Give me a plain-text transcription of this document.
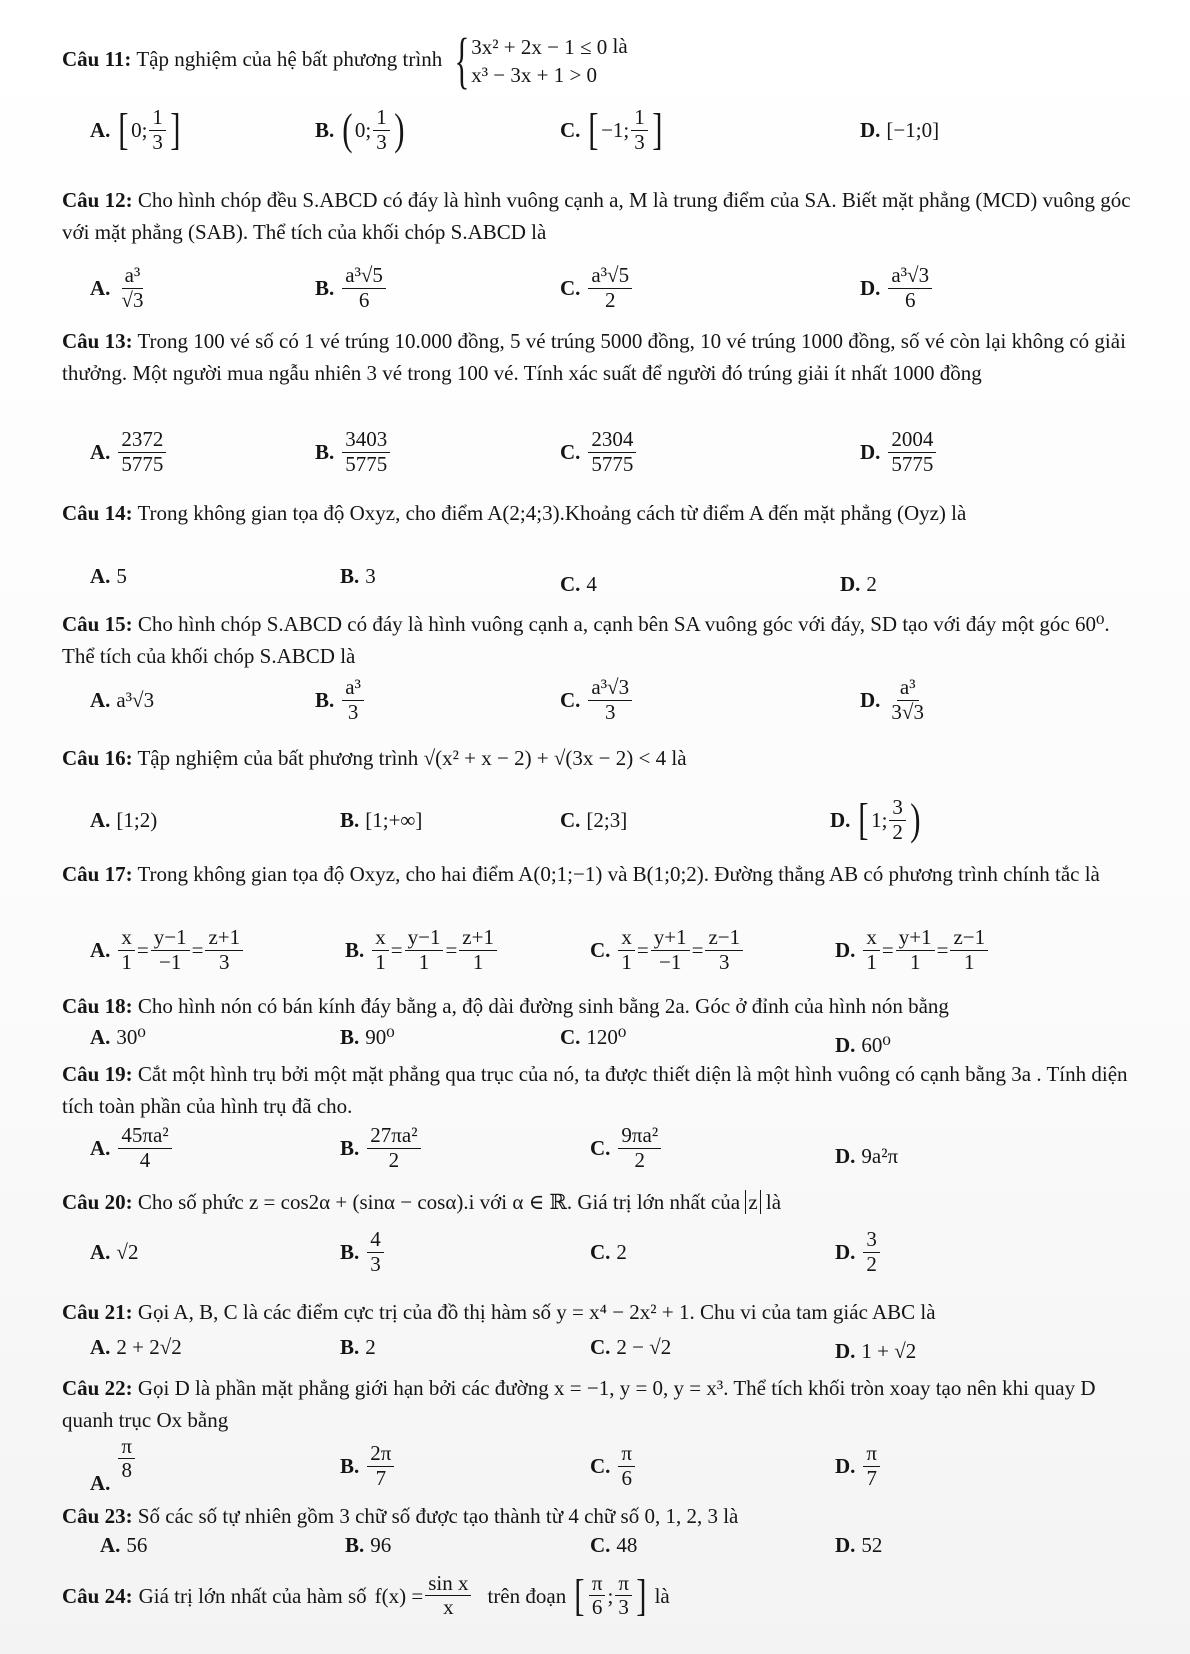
Câu 11: Tập nghiệm của hệ bất phương trình { 3x² + 2x − 1 ≤ 0
x³ − 3x + 1 > 0
là
A. [ 0; $\frac{1}{3}$ ]	B. ( 0; $\frac{1}{3}$ )	C. [ −1; $\frac{1}{3}$ ]	D. [−1;0]
Câu 12: Cho hình chóp đều S.ABCD có đáy là hình vuông cạnh a, M là trung điểm của SA. Biết mặt phẳng (MCD) vuông góc với mặt phẳng (SAB). Thể tích của khối chóp S.ABCD là
A. $\frac{\text{a³}}{√3}$	B. $\frac{\text{a³√5}}{6}$	C. $\frac{\text{a³√5}}{2}$	D. $\frac{\text{a³√3}}{6}$
Câu 13: Trong 100 vé số có 1 vé trúng 10.000 đồng, 5 vé trúng 5000 đồng, 10 vé trúng 1000 đồng, số vé còn lại không có giải thưởng. Một người mua ngẫu nhiên 3 vé trong 100 vé. Tính xác suất để người đó trúng giải ít nhất 1000 đồng
A. $\frac{2372}{5775}$	B. $\frac{3403}{5775}$	C. $\frac{2304}{5775}$	D. $\frac{2004}{5775}$
Câu 14: Trong không gian tọa độ Oxyz, cho điểm A(2;4;3).Khoảng cách từ điểm A đến mặt phẳng (Oyz) là
A. 5	B. 3	C. 4	D. 2
Câu 15: Cho hình chóp S.ABCD có đáy là hình vuông cạnh a, cạnh bên SA vuông góc với đáy, SD tạo với đáy một góc 60⁰. Thể tích của khối chóp S.ABCD là
A. a³√3	B. $\frac{\text{a³}}{3}$	C. $\frac{\text{a³√3}}{3}$	D. $\frac{\text{a³}}{3√3}$
Câu 16: Tập nghiệm của bất phương trình √(x² + x − 2) + √(3x − 2) < 4 là
A. [1;2)	B. [1;+∞]	C. [2;3]	D. [ 1; $\frac{3}{2}$ )
Câu 17: Trong không gian tọa độ Oxyz, cho hai điểm A(0;1;−1) và B(1;0;2). Đường thẳng AB có phương trình chính tắc là
A. $\frac{x}{1} = \frac{y-1}{-1} = \frac{z+1}{3}$	B. $\frac{x}{1} = \frac{y-1}{1} = \frac{z+1}{1}$	C. $\frac{x}{1} = \frac{y+1}{-1} = \frac{z-1}{3}$	D. $\frac{x}{1} = \frac{y+1}{1} = \frac{z-1}{1}$
Câu 18: Cho hình nón có bán kính đáy bằng a, độ dài đường sinh bằng 2a. Góc ở đỉnh của hình nón bằng
A. 30⁰	B. 90⁰	C. 120⁰	D. 60⁰
Câu 19: Cắt một hình trụ bởi một mặt phẳng qua trục của nó, ta được thiết diện là một hình vuông có cạnh bằng 3a . Tính diện tích toàn phần của hình trụ đã cho.
A. $\frac{\text{45πa²}}{4}$	B. $\frac{\text{27πa²}}{2}$	C. $\frac{\text{9πa²}}{2}$	D. 9a²π
Câu 20: Cho số phức z = cos2α + (sinα − cosα).i với α ∈ ℝ. Giá trị lớn nhất của z là
A. √2	B. $\frac{4}{3}$	C. 2	D. $\frac{3}{2}$
Câu 21: Gọi A, B, C là các điểm cực trị của đồ thị hàm số y = x⁴ − 2x² + 1. Chu vi của tam giác ABC là
A. 2 + 2√2	B. 2	C. 2 − √2	D. 1 + √2
Câu 22: Gọi D là phần mặt phẳng giới hạn bởi các đường x = −1, y = 0, y = x³. Thể tích khối tròn xoay tạo nên khi quay D quanh trục Ox bằng
A.
$\frac{\pi}{8}$	B. $\frac{2\pi}{7}$	C. $\frac{\pi}{6}$	D. $\frac{\pi}{7}$
Câu 23: Số các số tự nhiên gồm 3 chữ số được tạo thành từ 4 chữ số 0, 1, 2, 3 là
A. 56	B. 96	C. 48	D. 52
Câu 24: Giá trị lớn nhất của hàm số $f(x) = \frac{\text{sin x}}{x}$ trên đoạn [ $\frac{\pi}{6}$ ; $\frac{\pi}{3}$ ] là
